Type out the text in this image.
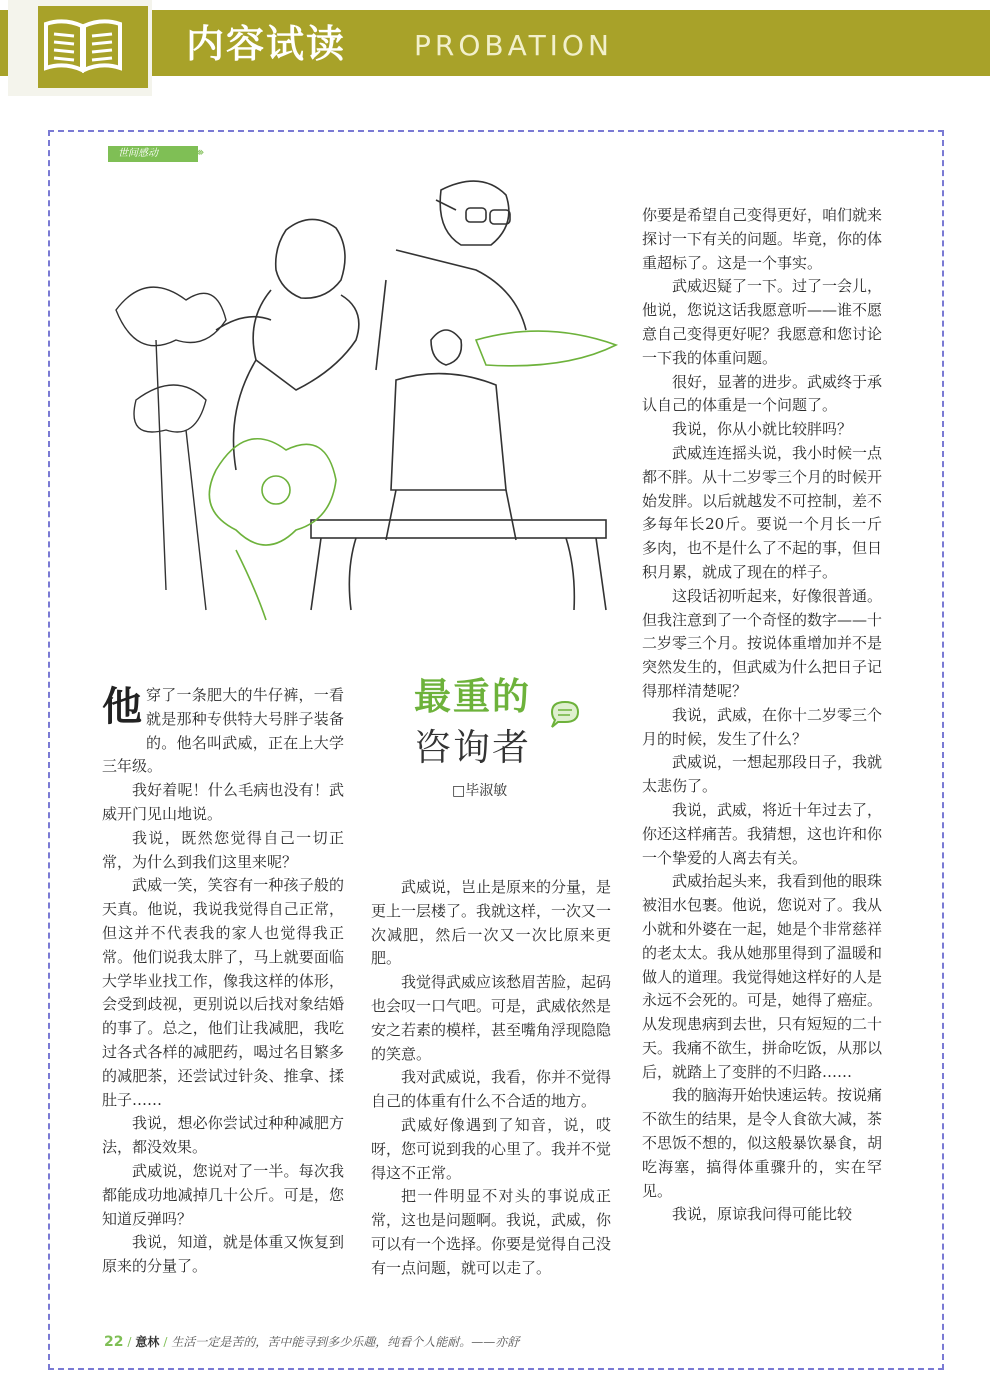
内容试读 PROBATION
世间感动	›››
最重的
咨询者
□毕淑敏

他穿了一条肥大的牛仔裤，一看就是那种专供特大号胖子装备的。他名叫武威，正在上大学三年级。

我好着呢！什么毛病也没有！武威开门见山地说。

我说，既然您觉得自己一切正常，为什么到我们这里来呢？

武威一笑，笑容有一种孩子般的天真。他说，我说我觉得自己正常，但这并不代表我的家人也觉得我正常。他们说我太胖了，马上就要面临大学毕业找工作，像我这样的体形，会受到歧视，更别说以后找对象结婚的事了。总之，他们让我减肥，我吃过各式各样的减肥药，喝过名目繁多的减肥茶，还尝试过针灸、推拿、揉肚子……

我说，想必你尝试过种种减肥方法，都没效果。

武威说，您说对了一半。每次我都能成功地减掉几十公斤。可是，您知道反弹吗？

我说，知道，就是体重又恢复到原来的分量了。

武威说，岂止是原来的分量，是更上一层楼了。我就这样，一次又一次减肥，然后一次又一次比原来更肥。

我觉得武威应该愁眉苦脸，起码也会叹一口气吧。可是，武威依然是安之若素的模样，甚至嘴角浮现隐隐的笑意。

我对武威说，我看，你并不觉得自己的体重有什么不合适的地方。

武威好像遇到了知音，说，哎呀，您可说到我的心里了。我并不觉得这不正常。

把一件明显不对头的事说成正常，这也是问题啊。我说，武威，你可以有一个选择。你要是觉得自己没有一点问题，就可以走了。

你要是希望自己变得更好，咱们就来探讨一下有关的问题。毕竟，你的体重超标了。这是一个事实。

武威迟疑了一下。过了一会儿，他说，您说这话我愿意听——谁不愿意自己变得更好呢？我愿意和您讨论一下我的体重问题。

很好，显著的进步。武威终于承认自己的体重是一个问题了。

我说，你从小就比较胖吗？

武威连连摇头说，我小时候一点都不胖。从十二岁零三个月的时候开始发胖。以后就越发不可控制，差不多每年长20斤。要说一个月长一斤多肉，也不是什么了不起的事，但日积月累，就成了现在的样子。

这段话初听起来，好像很普通。但我注意到了一个奇怪的数字——十二岁零三个月。按说体重增加并不是突然发生的，但武威为什么把日子记得那样清楚呢？

我说，武威，在你十二岁零三个月的时候，发生了什么？

武威说，一想起那段日子，我就太悲伤了。

我说，武威，将近十年过去了，你还这样痛苦。我猜想，这也许和你一个挚爱的人离去有关。

武威抬起头来，我看到他的眼珠被泪水包裹。他说，您说对了。我从小就和外婆在一起，她是个非常慈祥的老太太。我从她那里得到了温暖和做人的道理。我觉得她这样好的人是永远不会死的。可是，她得了癌症。从发现患病到去世，只有短短的二十天。我痛不欲生，拼命吃饭，从那以后，就踏上了变胖的不归路……

我的脑海开始快速运转。按说痛不欲生的结果，是令人食欲大减，茶不思饭不想的，似这般暴饮暴食，胡吃海塞，搞得体重骤升的，实在罕见。

我说，原谅我问得可能比较

22 / 意林 / 生活一定是苦的，苦中能寻到多少乐趣，纯看个人能耐。——亦舒
